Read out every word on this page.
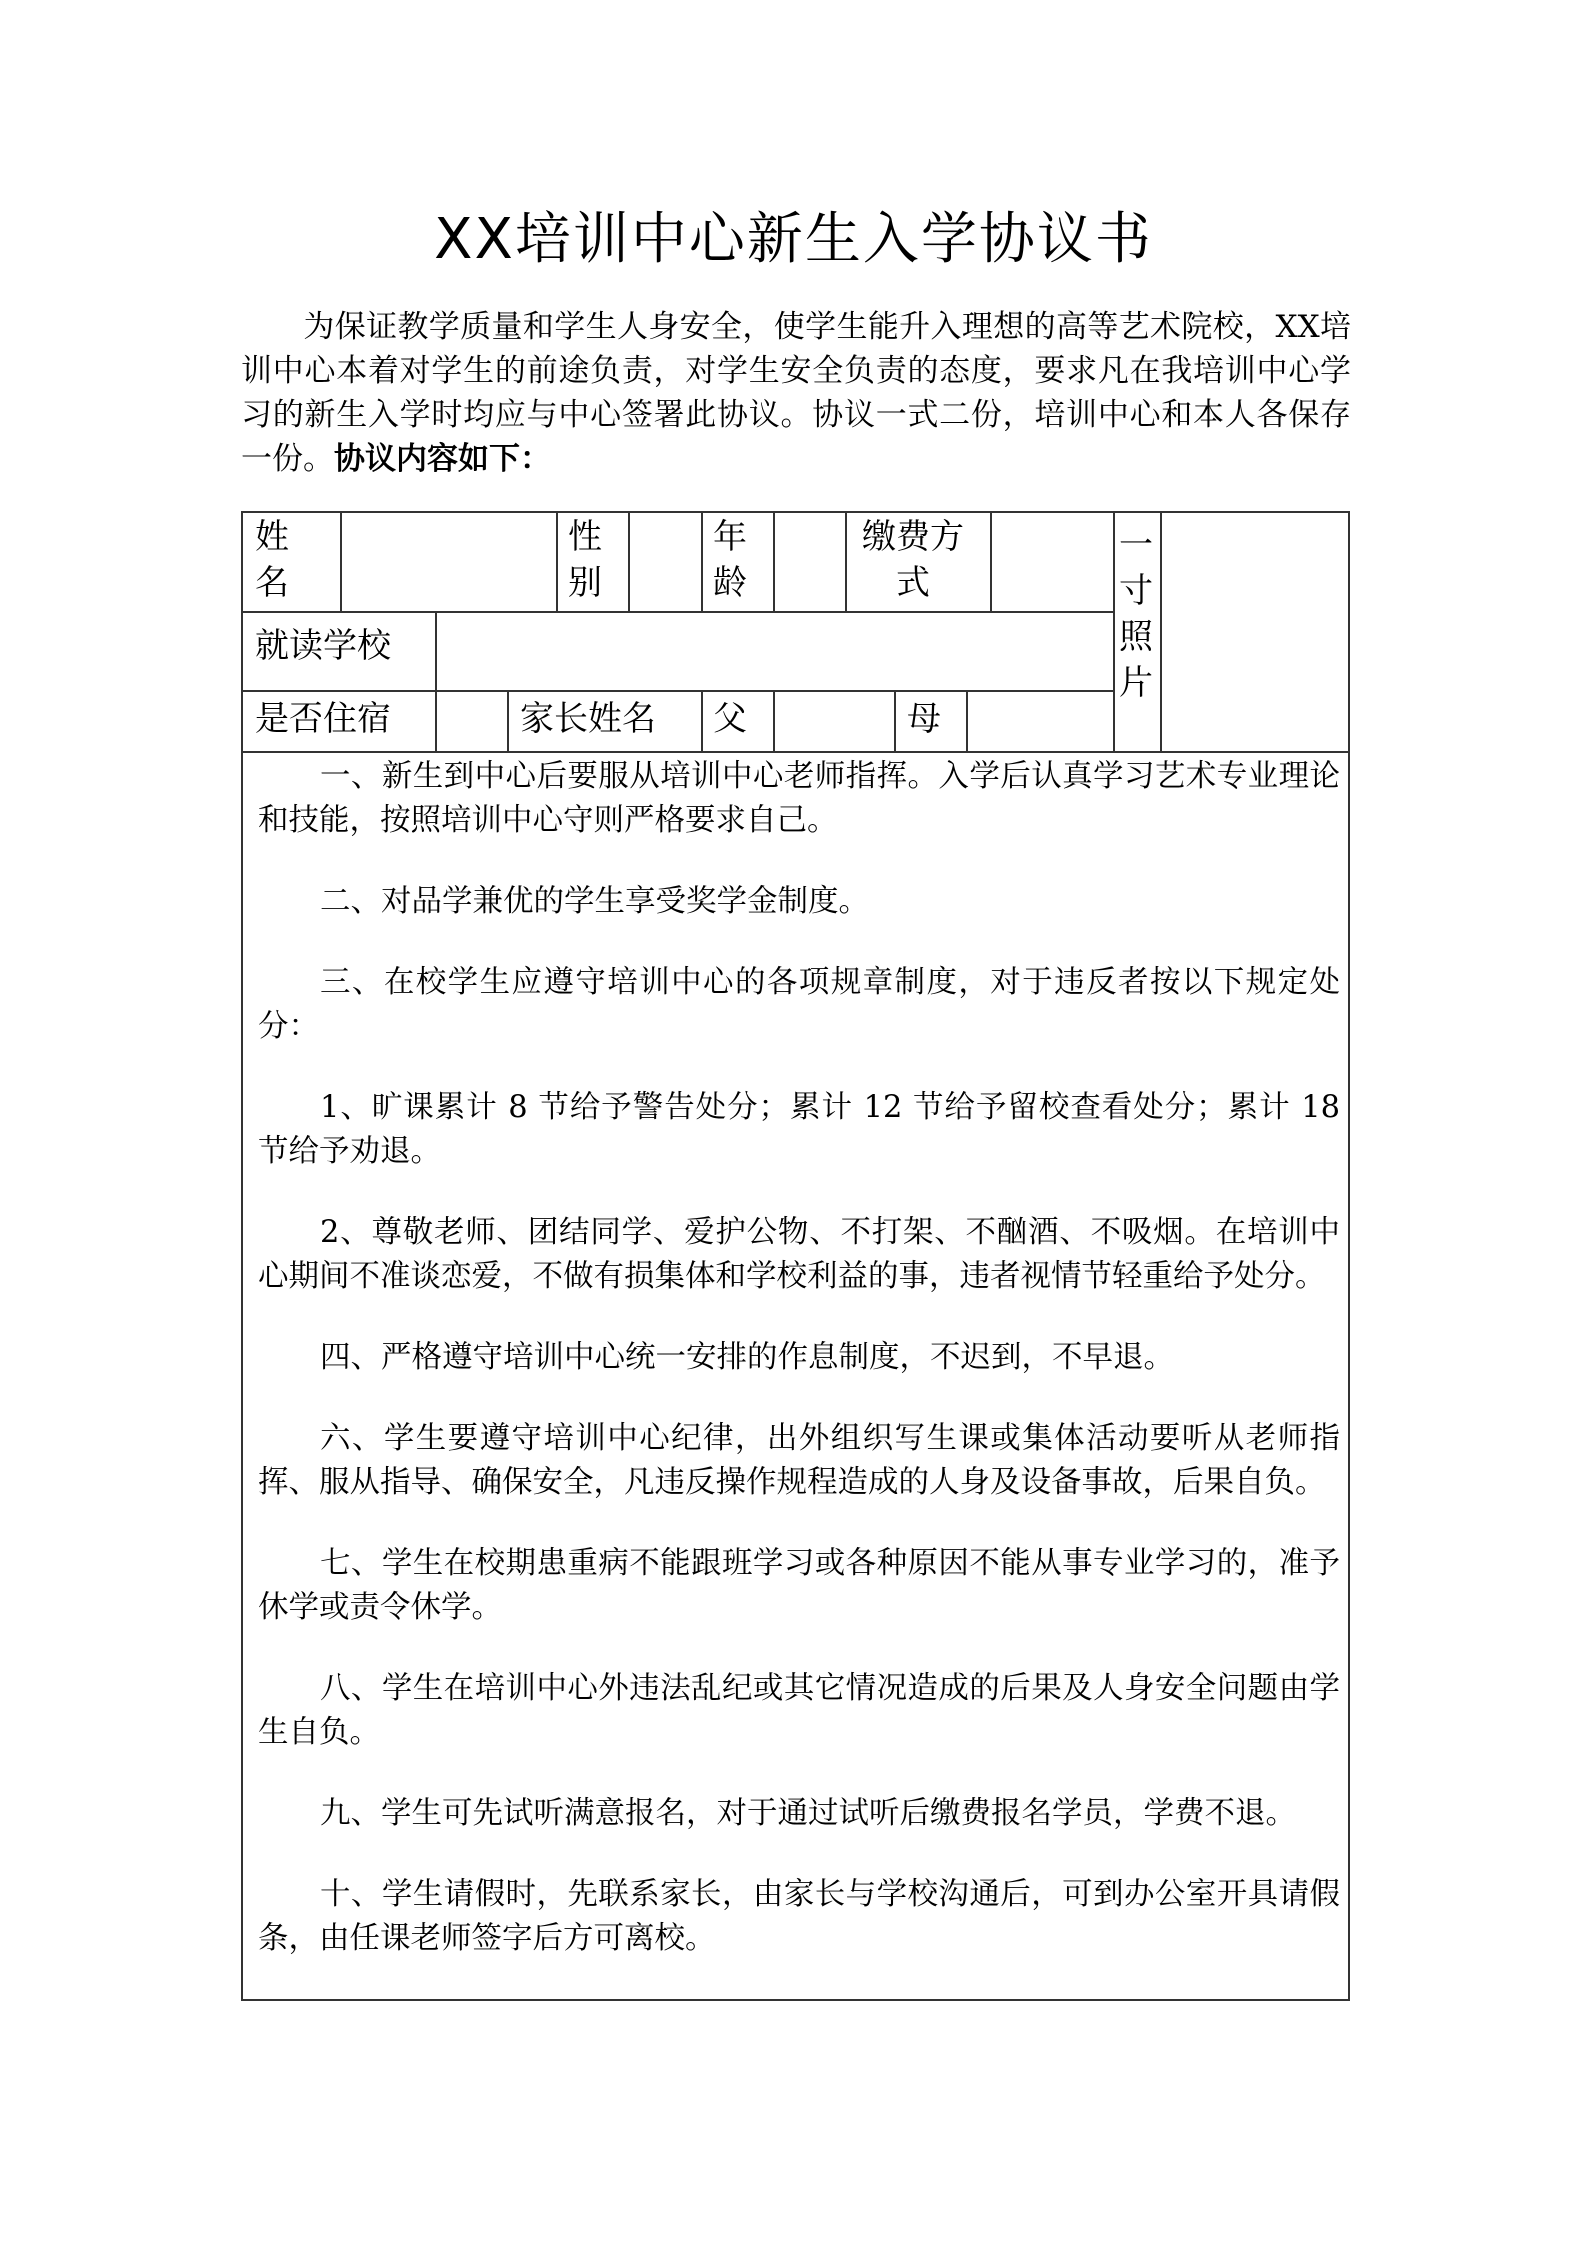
XX培训中心新生入学协议书

为保证教学质量和学生人身安全，使学生能升入理想的高等艺术院校，XX培训中心本着对学生的前途负责，对学生安全负责的态度，要求凡在我培训中心学习的新生入学时均应与中心签署此协议。协议一式二份，培训中心和本人各保存一份。协议内容如下：

姓名
性别
年龄
缴费方式
一寸照片
就读学校
是否住宿	家长姓名 父	母

一、新生到中心后要服从培训中心老师指挥。入学后认真学习艺术专业理论和技能，按照培训中心守则严格要求自己。

二、对品学兼优的学生享受奖学金制度。

三、在校学生应遵守培训中心的各项规章制度，对于违反者按以下规定处分：

1、旷课累计 8 节给予警告处分；累计 12 节给予留校查看处分；累计 18 节给予劝退。

2、尊敬老师、团结同学、爱护公物、不打架、不酗酒、不吸烟。在培训中心期间不准谈恋爱，不做有损集体和学校利益的事，违者视情节轻重给予处分。

四、严格遵守培训中心统一安排的作息制度，不迟到，不早退。

六、学生要遵守培训中心纪律，出外组织写生课或集体活动要听从老师指挥、服从指导、确保安全，凡违反操作规程造成的人身及设备事故，后果自负。

七、学生在校期患重病不能跟班学习或各种原因不能从事专业学习的，准予休学或责令休学。

八、学生在培训中心外违法乱纪或其它情况造成的后果及人身安全问题由学生自负。

九、学生可先试听满意报名，对于通过试听后缴费报名学员，学费不退。

十、学生请假时，先联系家长，由家长与学校沟通后，可到办公室开具请假条，由任课老师签字后方可离校。
